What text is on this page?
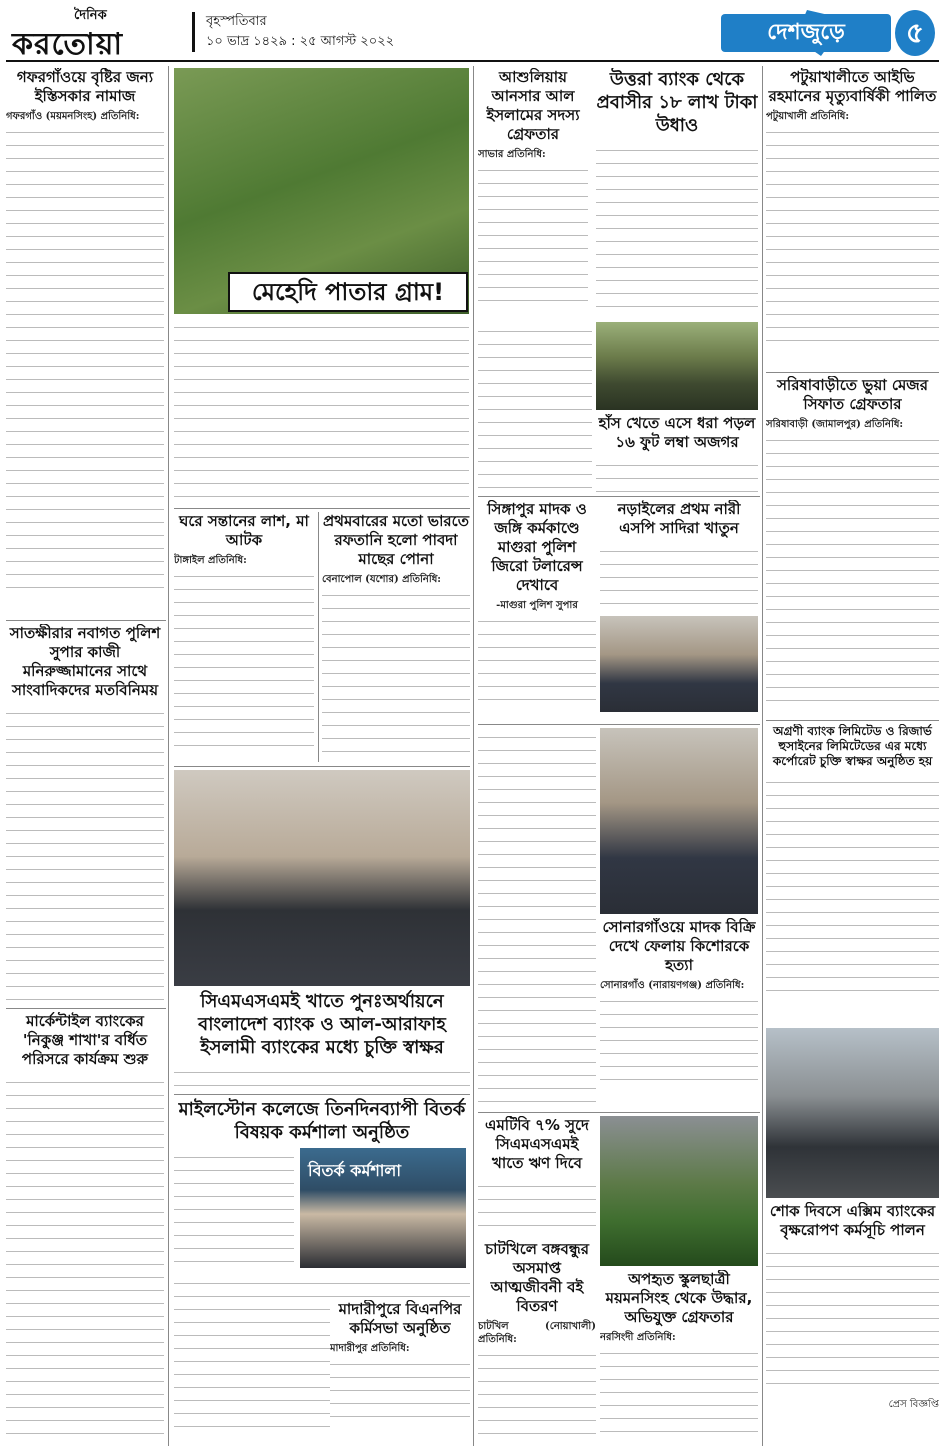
দৈনিক
করতোয়া
বৃহস্পতিবার
১০ ভাদ্র ১৪২৯ : ২৫ আগস্ট ২০২২	দেশজুড়ে	৫
গফরগাঁওয়ে বৃষ্টির জন্য ইস্তিসকার নামাজ

গফরগাঁও (ময়মনসিংহ) প্রতিনিধি:

সাতক্ষীরার নবাগত পুলিশ সুপার কাজী মনিরুজ্জামানের সাথে সাংবাদিকদের মতবিনিময়
মার্কেন্টাইল ব্যাংকের 'নিকুঞ্জ শাখা'র বর্ধিত পরিসরে কার্যক্রম শুরু
মেহেদি পাতার গ্রাম!
ঘরে সন্তানের লাশ, মা আটক

টাঙ্গাইল প্রতিনিধি:

প্রথমবারের মতো ভারতে রফতানি হলো পাবদা মাছের পোনা

বেনাপোল (যশোর) প্রতিনিধি:

সিএমএসএমই খাতে পুনঃঅর্থায়নে বাংলাদেশ ব্যাংক ও আল-আরাফাহ ইসলামী ব্যাংকের মধ্যে চুক্তি স্বাক্ষর
মাইলস্টোন কলেজে তিনদিনব্যাপী বিতর্ক বিষয়ক কর্মশালা অনুষ্ঠিত
বিতর্ক কর্মশালা
আশুলিয়ায় আনসার আল ইসলামের সদস্য গ্রেফতার

সাভার প্রতিনিধি:

উত্তরা ব্যাংক থেকে প্রবাসীর ১৮ লাখ টাকা উধাও
হাঁস খেতে এসে ধরা পড়ল ১৬ ফুট লম্বা অজগর
সিঙ্গাপুর মাদক ও জঙ্গি কর্মকাণ্ডে মাগুরা পুলিশ জিরো টলারেন্স দেখাবে

-মাগুরা পুলিশ সুপার

নড়াইলের প্রথম নারী এসপি সাদিরা খাতুন
সোনারগাঁওয়ে মাদক বিক্রি দেখে ফেলায় কিশোরকে হত্যা

সোনারগাঁও (নারায়ণগঞ্জ) প্রতিনিধি:

এমটিবি ৭% সুদে সিএমএসএমই খাতে ঋণ দিবে
অপহৃত স্কুলছাত্রী ময়মনসিংহ থেকে উদ্ধার, অভিযুক্ত গ্রেফতার

নরসিংদী প্রতিনিধি:

চাটখিলে বঙ্গবন্ধুর অসমাপ্ত আত্মজীবনী বই বিতরণ

চাটখিল (নোয়াখালী) প্রতিনিধি:

পটুয়াখালীতে আইভি রহমানের মৃত্যুবার্ষিকী পালিত

পটুয়াখালী প্রতিনিধি:

সরিষাবাড়ীতে ভুয়া মেজর সিফাত গ্রেফতার

সরিষাবাড়ী (জামালপুর) প্রতিনিধি:

অগ্রণী ব্যাংক লিমিটেড ও রিজার্ভ হুসাইনের লিমিটেডের এর মধ্যে কর্পোরেট চুক্তি স্বাক্ষর অনুষ্ঠিত হয়
শোক দিবসে এক্সিম ব্যাংকের বৃক্ষরোপণ কর্মসূচি পালন

প্রেস বিজ্ঞপ্তি

মাদারীপুরে বিএনপির কর্মিসভা অনুষ্ঠিত

মাদারীপুর প্রতিনিধি:
